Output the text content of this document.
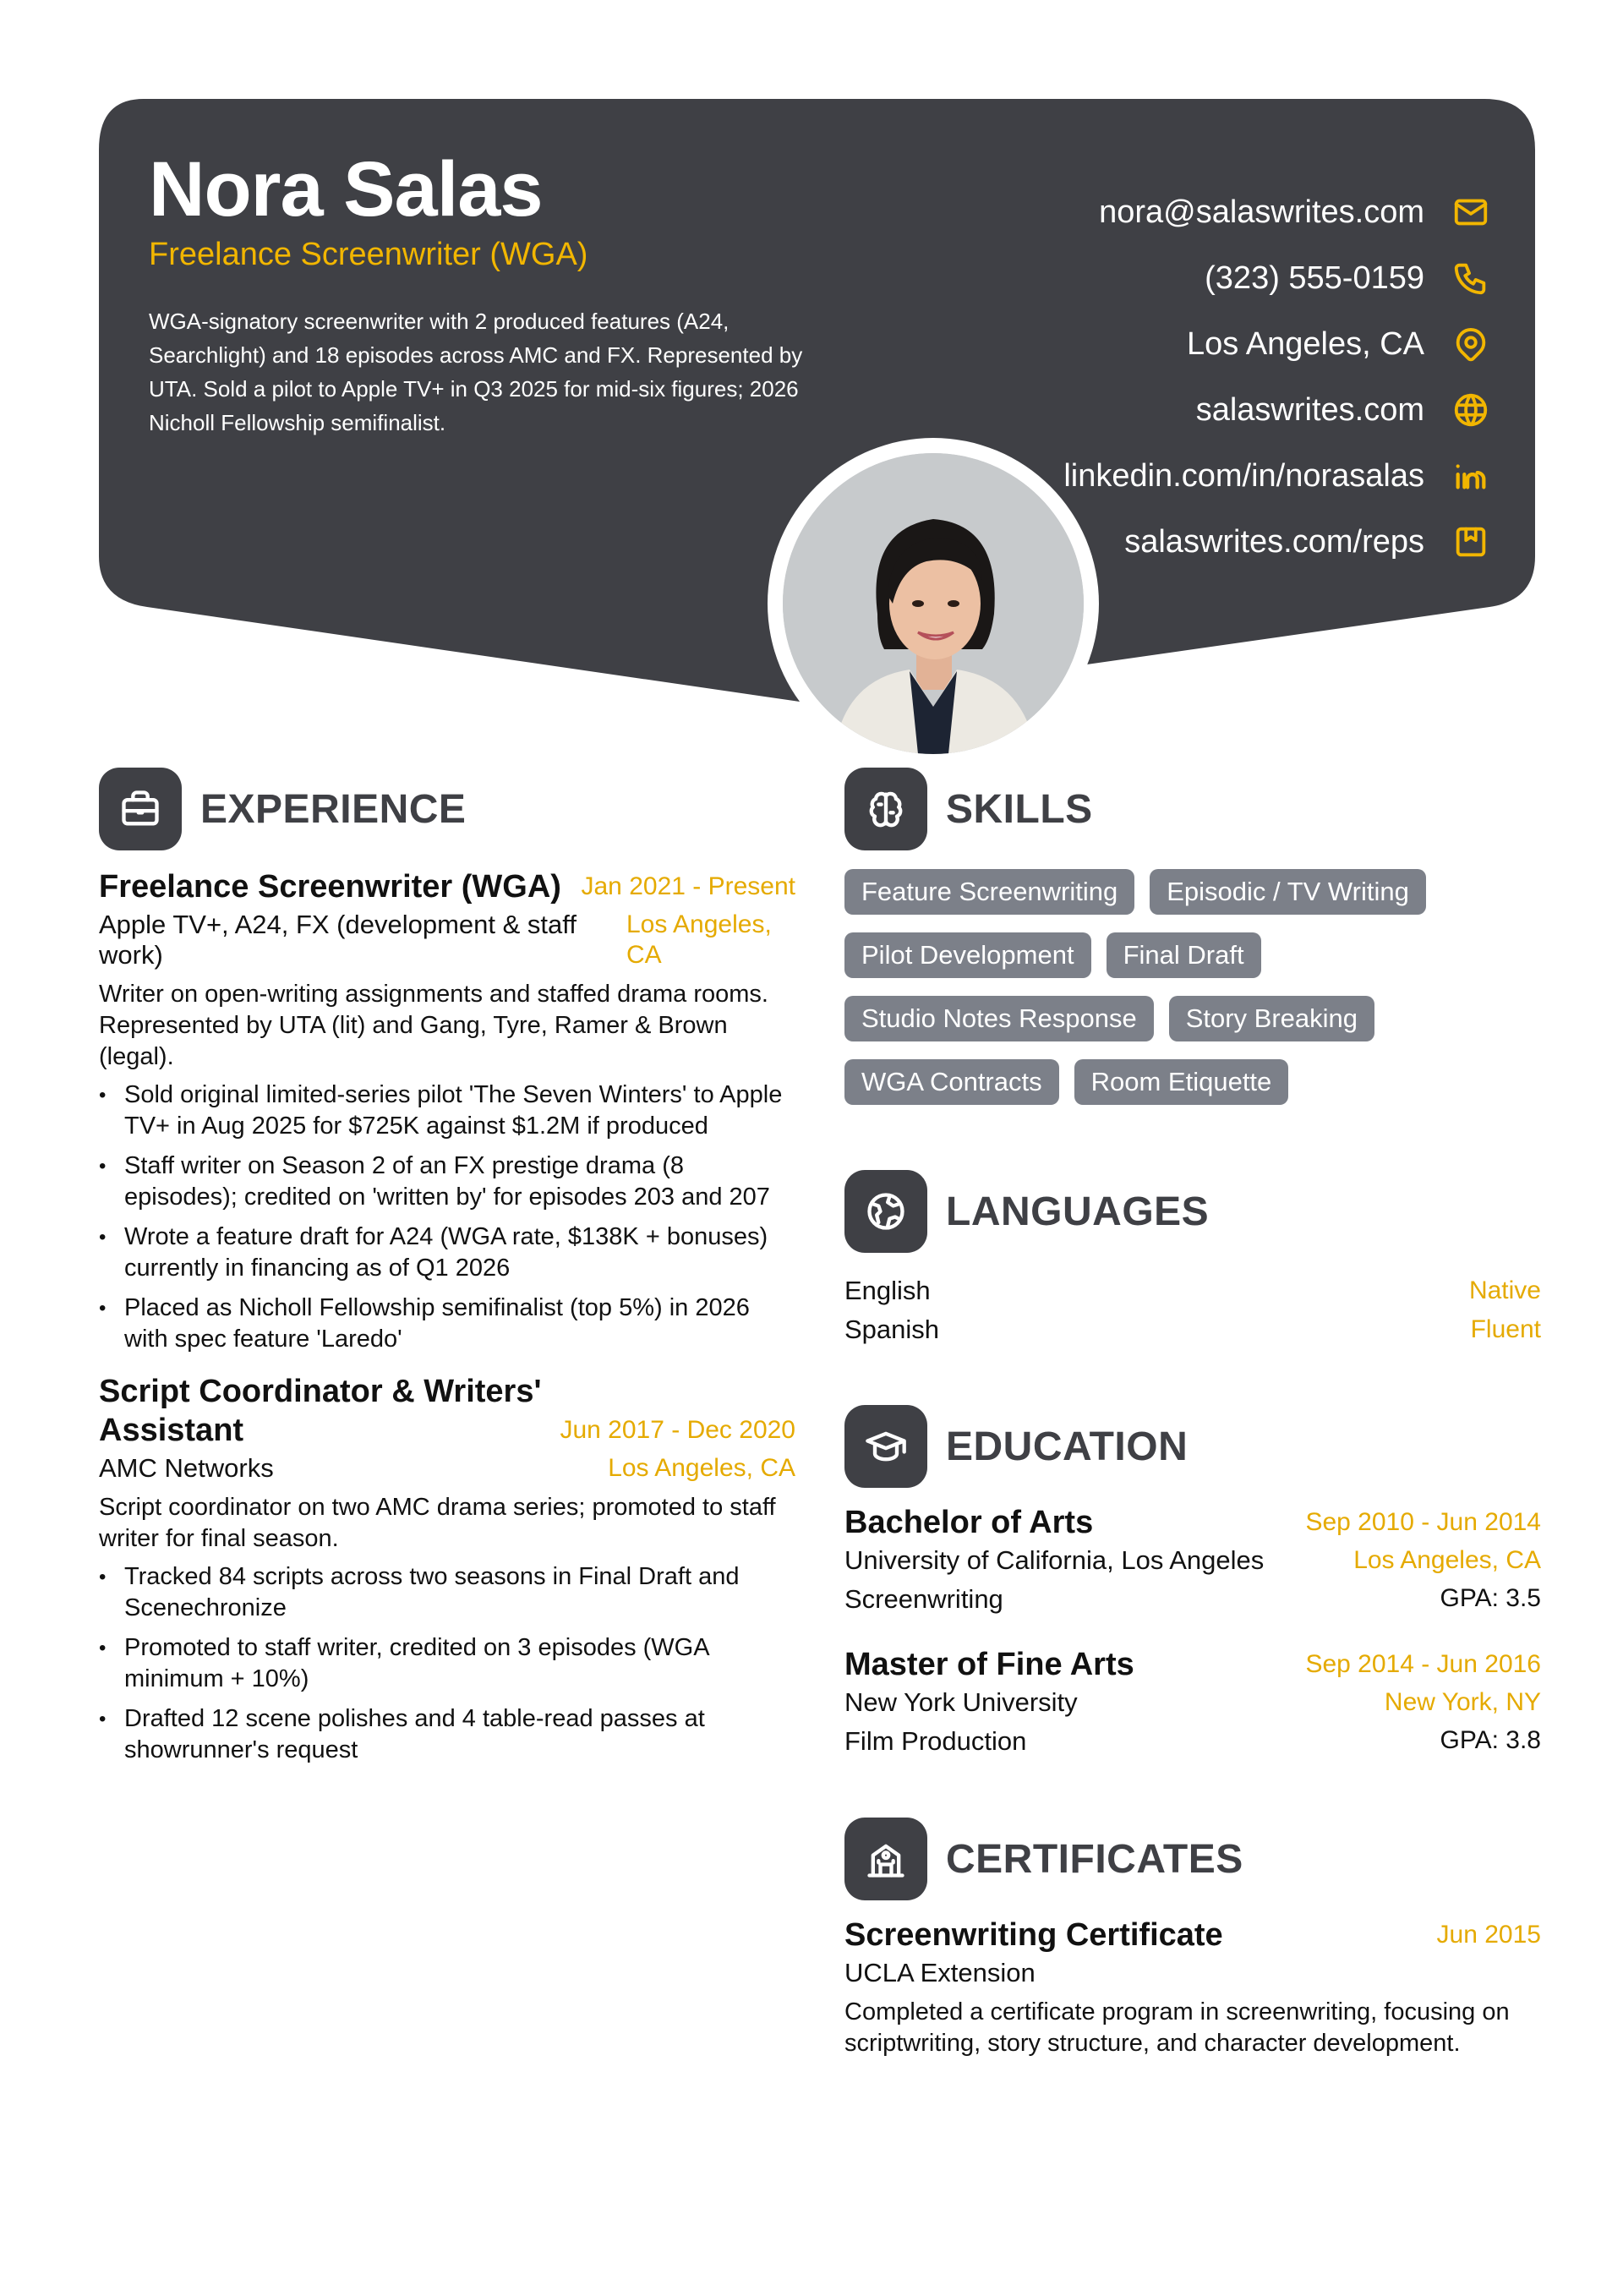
Nora Salas
Freelance Screenwriter (WGA)
WGA-signatory screenwriter with 2 produced features (A24, Searchlight) and 18 episodes across AMC and FX. Represented by UTA. Sold a pilot to Apple TV+ in Q3 2025 for mid-six figures; 2026 Nicholl Fellowship semifinalist.
nora@salaswrites.com
(323) 555-0159
Los Angeles, CA
salaswrites.com
linkedin.com/in/norasalas
salaswrites.com/reps
EXPERIENCE
Freelance Screenwriter (WGA) Jan 2021 - Present
Apple TV+, A24, FX (development & staff work)
Los Angeles, CA
Writer on open-writing assignments and staffed drama rooms. Represented by UTA (lit) and Gang, Tyre, Ramer & Brown (legal).
• Sold original limited-series pilot 'The Seven Winters' to Apple TV+ in Aug 2025 for $725K against $1.2M if produced
• Staff writer on Season 2 of an FX prestige drama (8 episodes); credited on 'written by' for episodes 203 and 207
• Wrote a feature draft for A24 (WGA rate, $138K + bonuses) currently in financing as of Q1 2026
• Placed as Nicholl Fellowship semifinalist (top 5%) in 2026 with spec feature 'Laredo'
Script Coordinator & Writers' Assistant	Jun 2017 - Dec 2020
AMC Networks	Los Angeles, CA
Script coordinator on two AMC drama series; promoted to staff writer for final season.
• Tracked 84 scripts across two seasons in Final Draft and Scenechronize
• Promoted to staff writer, credited on 3 episodes (WGA minimum + 10%)
• Drafted 12 scene polishes and 4 table-read passes at showrunner's request
SKILLS
Feature Screenwriting	Episodic / TV Writing
Pilot Development	Final Draft
Studio Notes Response	Story Breaking
WGA Contracts	Room Etiquette
LANGUAGES
English	Native
Spanish	Fluent
EDUCATION
Bachelor of Arts	Sep 2010 - Jun 2014
University of California, Los Angeles	Los Angeles, CA
Screenwriting	GPA: 3.5
Master of Fine Arts	Sep 2014 - Jun 2016
New York University	New York, NY
Film Production	GPA: 3.8
CERTIFICATES
Screenwriting Certificate	Jun 2015
UCLA Extension
Completed a certificate program in screenwriting, focusing on scriptwriting, story structure, and character development.
